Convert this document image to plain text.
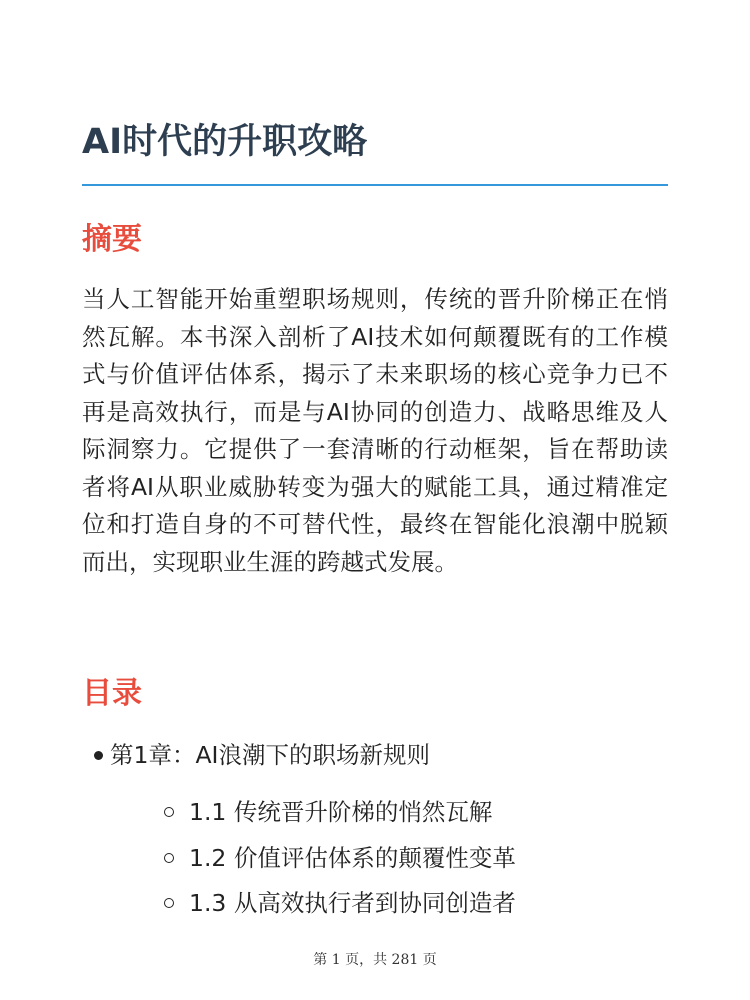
AI时代的升职攻略
摘要

当人工智能开始重塑职场规则，传统的晋升阶梯正在悄然瓦解。本书深入剖析了AI技术如何颠覆既有的工作模式与价值评估体系，揭示了未来职场的核心竞争力已不再是高效执行，而是与AI协同的创造力、战略思维及人际洞察力。它提供了一套清晰的行动框架，旨在帮助读者将AI从职业威胁转变为强大的赋能工具，通过精准定位和打造自身的不可替代性，最终在智能化浪潮中脱颖而出，实现职业生涯的跨越式发展。

目录
第1章：AI浪潮下的职场新规则
1.1 传统晋升阶梯的悄然瓦解
1.2 价值评估体系的颠覆性变革
1.3 从高效执行者到协同创造者
第 1 页，共 281 页
